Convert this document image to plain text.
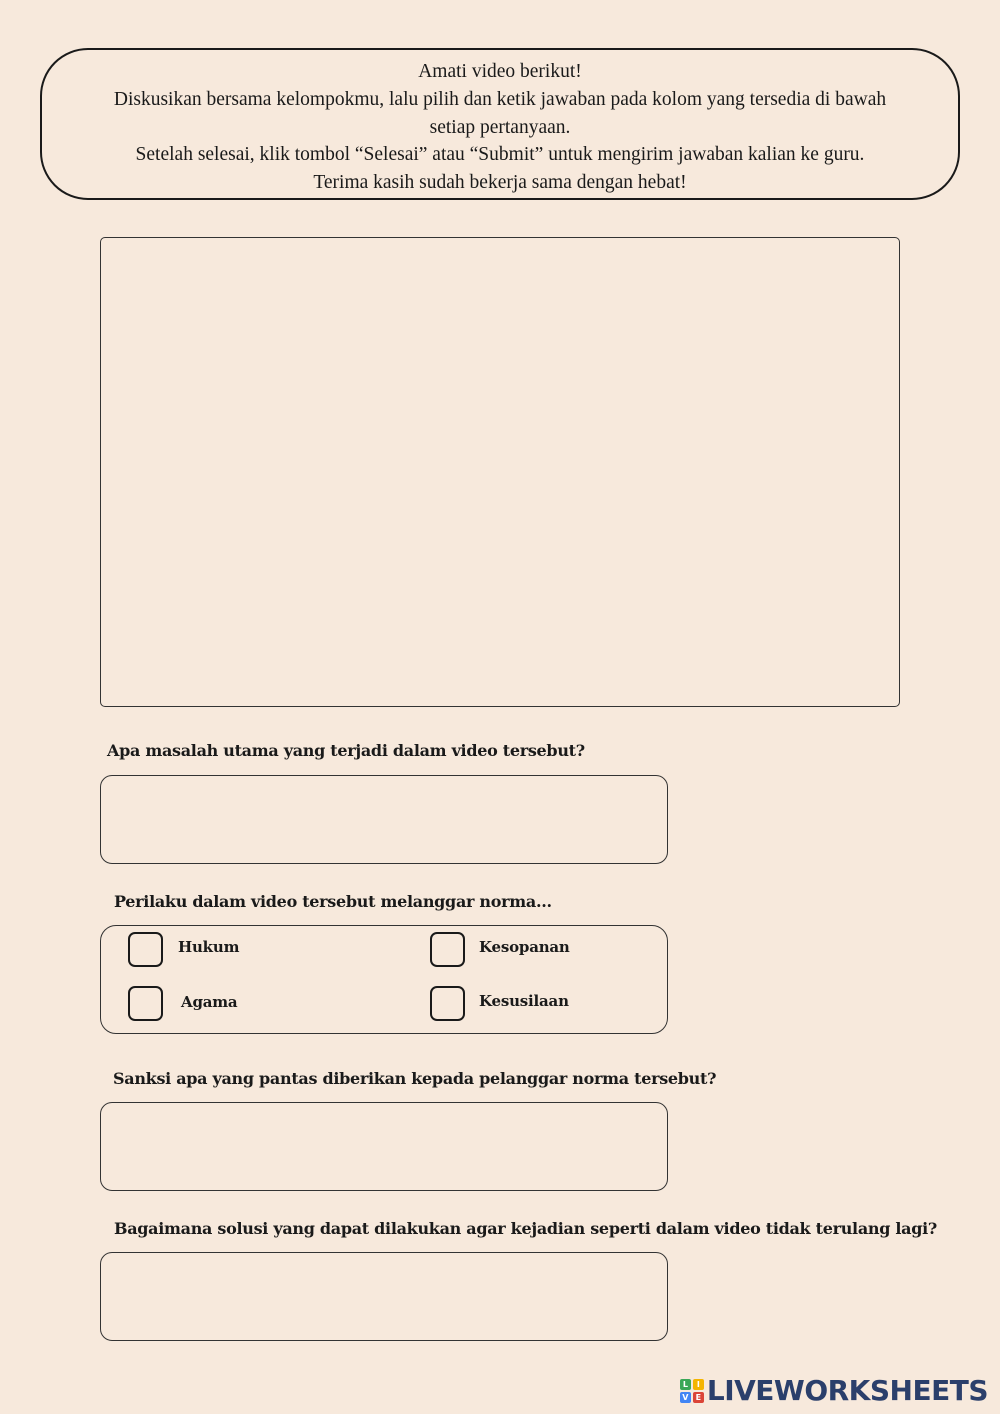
Amati video berikut!
Diskusikan bersama kelompokmu, lalu pilih dan ketik jawaban pada kolom yang tersedia di bawah
setiap pertanyaan.
Setelah selesai, klik tombol “Selesai” atau “Submit” untuk mengirim jawaban kalian ke guru.
Terima kasih sudah bekerja sama dengan hebat!
Apa masalah utama yang terjadi dalam video tersebut?
Perilaku dalam video tersebut melanggar norma...
Hukum	Kesopanan
Agama	Kesusilaan
Sanksi apa yang pantas diberikan kepada pelanggar norma tersebut?
Bagaimana solusi yang dapat dilakukan agar kejadian seperti dalam video tidak terulang lagi?
L	I
V E LIVEWORKSHEETS
